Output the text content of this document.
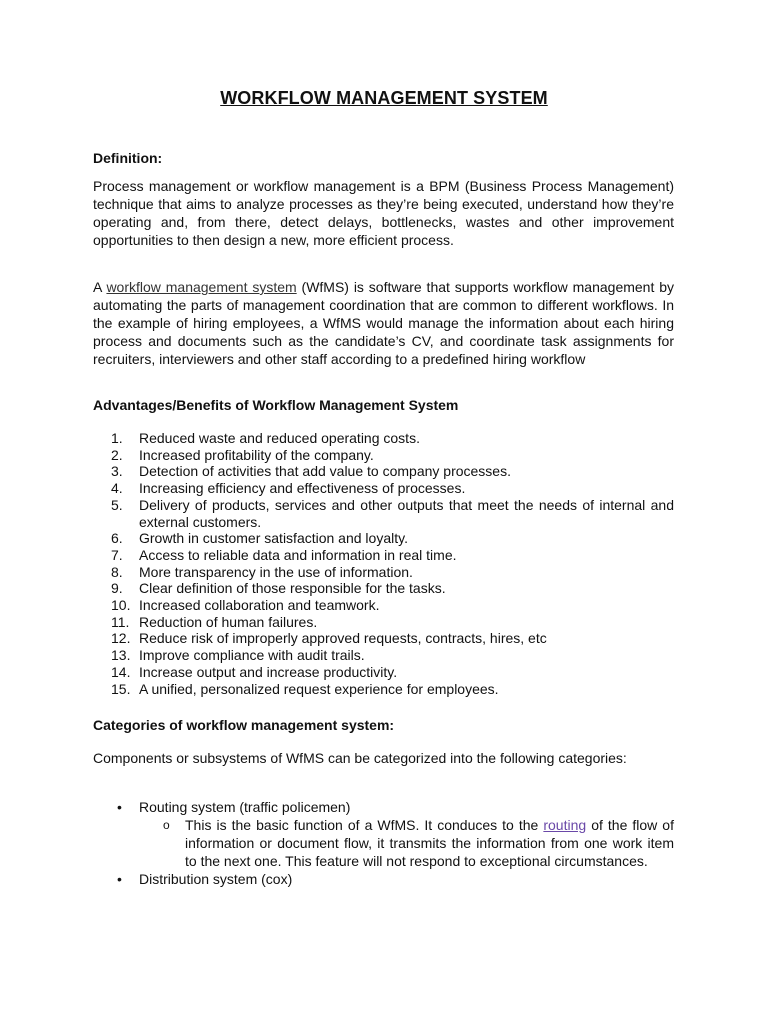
WORKFLOW MANAGEMENT SYSTEM
Definition:
Process management or workflow management is a BPM (Business Process Management) technique that aims to analyze processes as they’re being executed, understand how they’re operating and, from there, detect delays, bottlenecks, wastes and other improvement opportunities to then design a new, more efficient process.
A workflow management system (WfMS) is software that supports workflow management by automating the parts of management coordination that are common to different workflows. In the example of hiring employees, a WfMS would manage the information about each hiring process and documents such as the candidate’s CV, and coordinate task assignments for recruiters, interviewers and other staff according to a predefined hiring workflow
Advantages/Benefits of Workflow Management System
1. Reduced waste and reduced operating costs.
2. Increased profitability of the company.
3. Detection of activities that add value to company processes.
4. Increasing efficiency and effectiveness of processes.
5. Delivery of products, services and other outputs that meet the needs of internal and external customers.
6. Growth in customer satisfaction and loyalty.
7. Access to reliable data and information in real time.
8. More transparency in the use of information.
9. Clear definition of those responsible for the tasks.
10. Increased collaboration and teamwork.
11. Reduction of human failures.
12. Reduce risk of improperly approved requests, contracts, hires, etc
13. Improve compliance with audit trails.
14. Increase output and increase productivity.
15. A unified, personalized request experience for employees.
Categories of workflow management system:
Components or subsystems of WfMS can be categorized into the following categories:
• Routing system (traffic policemen)
o This is the basic function of a WfMS. It conduces to the routing of the flow of information or document flow, it transmits the information from one work item to the next one. This feature will not respond to exceptional circumstances.
• Distribution system (cox)
